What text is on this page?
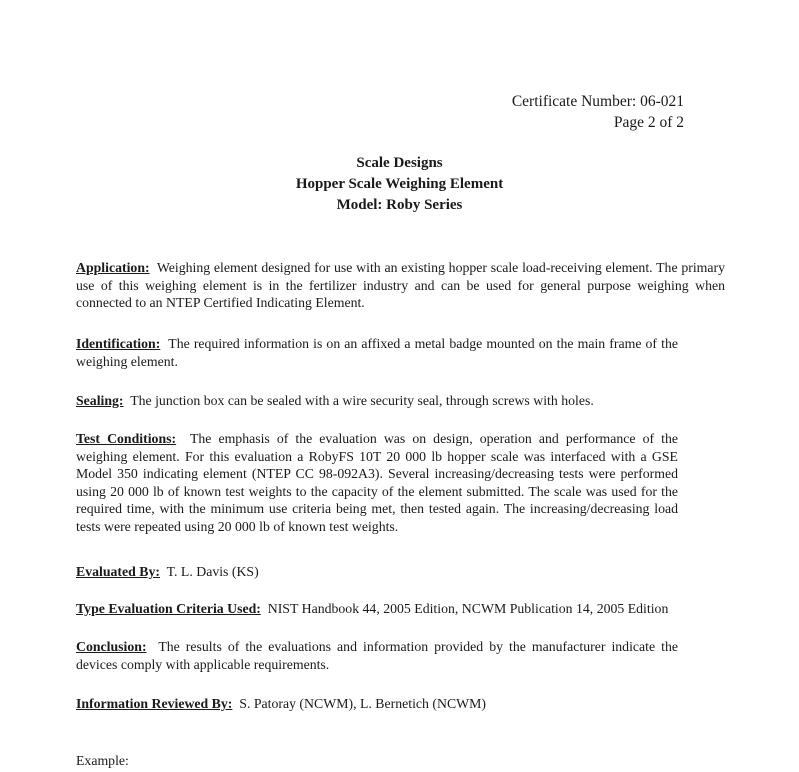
Certificate Number: 06-021
Page 2 of 2
Scale Designs
Hopper Scale Weighing Element
Model: Roby Series
Application: Weighing element designed for use with an existing hopper scale load-receiving element. The primary use of this weighing element is in the fertilizer industry and can be used for general purpose weighing when connected to an NTEP Certified Indicating Element.
Identification: The required information is on an affixed a metal badge mounted on the main frame of the weighing element.
Sealing: The junction box can be sealed with a wire security seal, through screws with holes.
Test Conditions: The emphasis of the evaluation was on design, operation and performance of the weighing element. For this evaluation a RobyFS 10T 20 000 lb hopper scale was interfaced with a GSE Model 350 indicating element (NTEP CC 98-092A3). Several increasing/decreasing tests were performed using 20 000 lb of known test weights to the capacity of the element submitted. The scale was used for the required time, with the minimum use criteria being met, then tested again. The increasing/decreasing load tests were repeated using 20 000 lb of known test weights.
Evaluated By: T. L. Davis (KS)
Type Evaluation Criteria Used: NIST Handbook 44, 2005 Edition, NCWM Publication 14, 2005 Edition
Conclusion: The results of the evaluations and information provided by the manufacturer indicate the devices comply with applicable requirements.
Information Reviewed By: S. Patoray (NCWM), L. Bernetich (NCWM)
Example:
